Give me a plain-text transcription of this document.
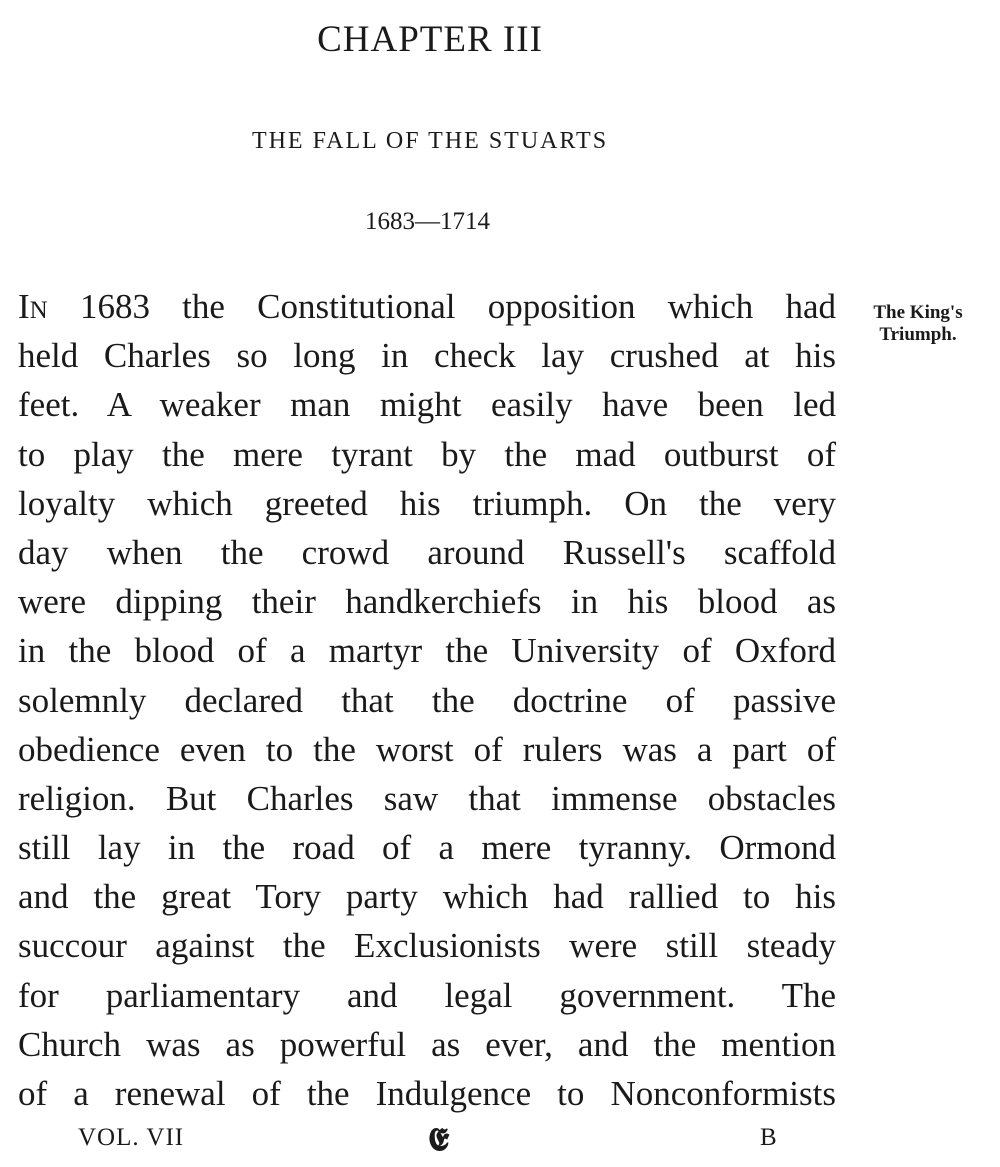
CHAPTER III
THE FALL OF THE STUARTS
1683—1714
The King's
Triumph.
In 1683 the Constitutional opposition which had
held Charles so long in check lay crushed at his
feet. A weaker man might easily have been led
to play the mere tyrant by the mad outburst of
loyalty which greeted his triumph. On the very
day when the crowd around Russell's scaffold
were dipping their handkerchiefs in his blood as
in the blood of a martyr the University of Oxford
solemnly declared that the doctrine of passive
obedience even to the worst of rulers was a part of
religion. But Charles saw that immense obstacles
still lay in the road of a mere tyranny. Ormond
and the great Tory party which had rallied to his
succour against the Exclusionists were still steady
for parliamentary and legal government. The
Church was as powerful as ever, and the mention
of a renewal of the Indulgence to Nonconformists
VOL. VII	𝕰	B
